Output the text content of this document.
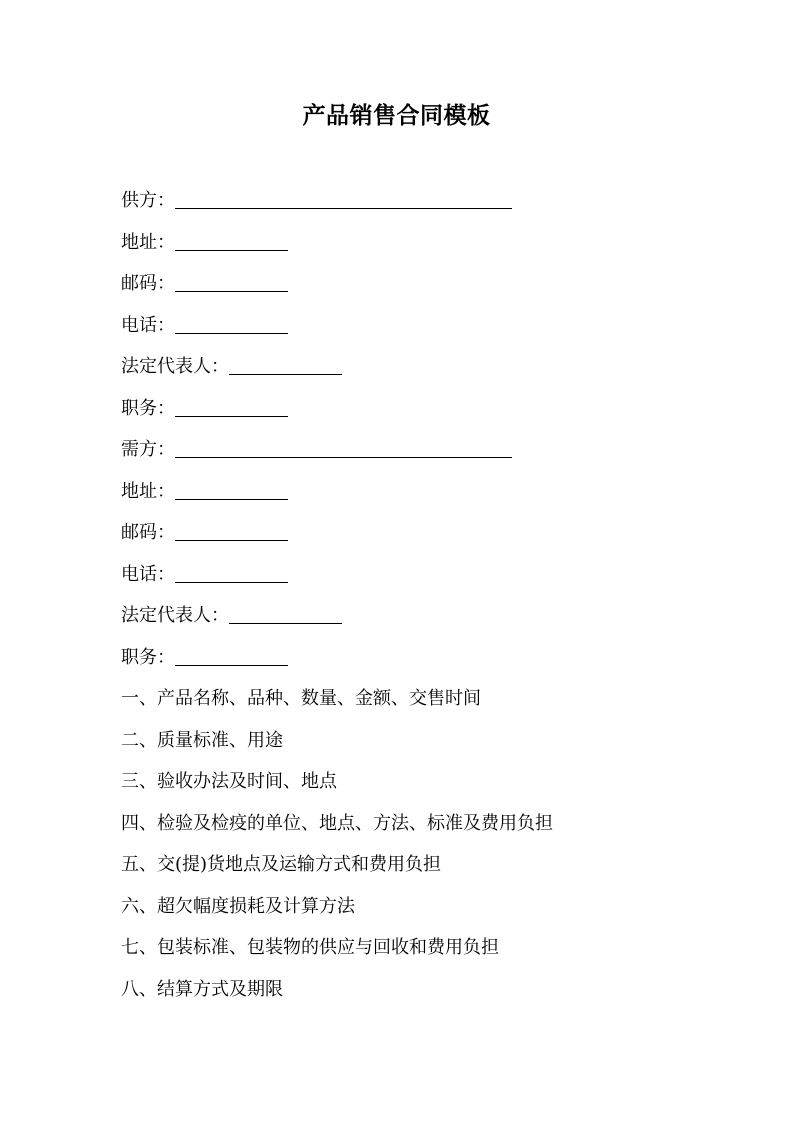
产品销售合同模板
供方：
地址：
邮码：
电话：
法定代表人：
职务：
需方：
地址：
邮码：
电话：
法定代表人：
职务：
一、产品名称、品种、数量、金额、交售时间
二、质量标准、用途
三、验收办法及时间、地点
四、检验及检疫的单位、地点、方法、标准及费用负担
五、交(提)货地点及运输方式和费用负担
六、超欠幅度损耗及计算方法
七、包装标准、包装物的供应与回收和费用负担
八、结算方式及期限
